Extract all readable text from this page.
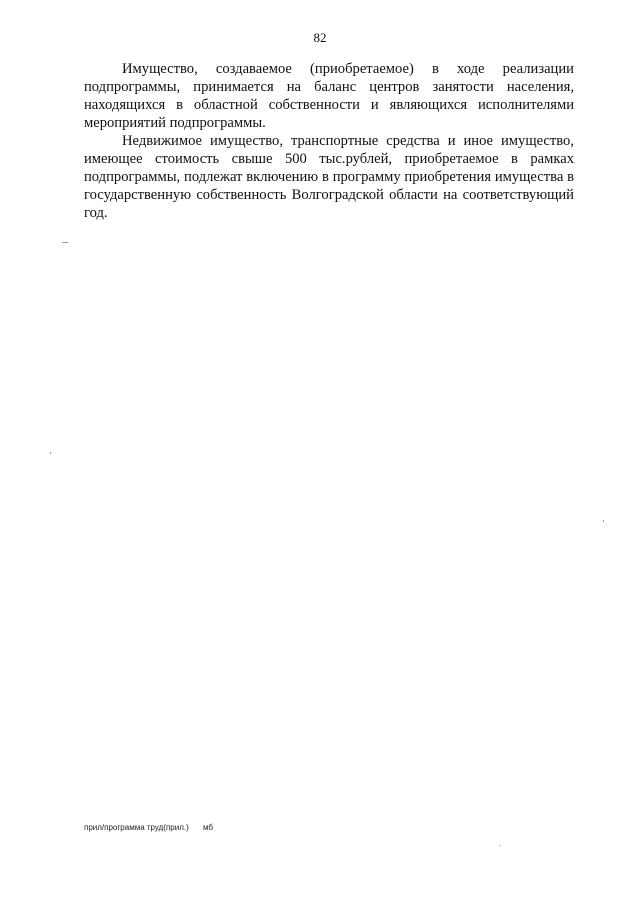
82

Имущество, создаваемое (приобретаемое) в ходе реализации подпрограммы, принимается на баланс центров занятости населения, находящихся в областной собственности и являющихся исполнителями мероприятий подпрограммы.

Недвижимое имущество, транспортные средства и иное имущество, имеющее стоимость свыше 500 тыс.рублей, приобретаемое в рамках подпрограммы, подлежат включению в программу приобретения имущества в государственную собственность Волгоградской области на соответствующий год.

прил/программа труд(прил.) мб
